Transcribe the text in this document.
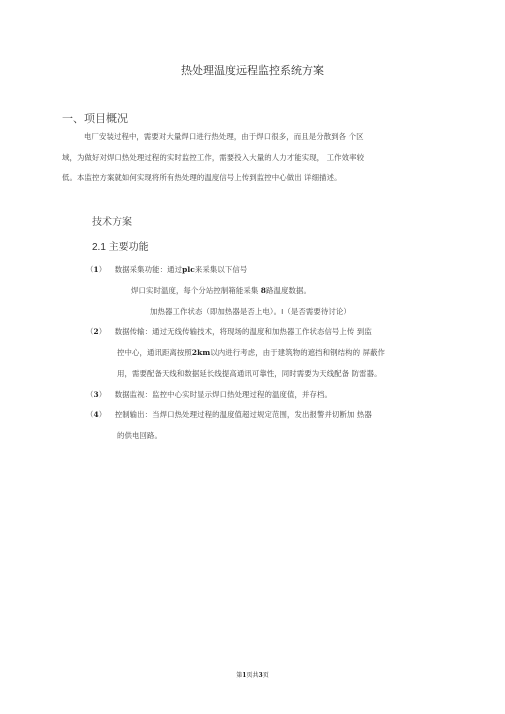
热处理温度远程监控系统方案
一、项目概况
电厂安装过程中，需要对大量焊口进行热处理，由于焊口很多，而且是分散到各 个区
域，为做好对焊口热处理过程的实时监控工作，需要投入大量的人力才能实现， 工作效率较
低。本监控方案就如何实现将所有热处理的温度信号上传到监控中心做出 详细描述。
技术方案
2.1 主要功能
（1） 数据采集功能：通过plc来采集以下信号
焊口实时温度，每个分站控制箱能采集 8路温度数据。
加热器工作状态（即加热器是否上电）。I（是否需要待讨论）
（2） 数据传输：通过无线传输技术，将现场的温度和加热器工作状态信号上传 到监
控中心，通讯距离按照2km以内进行考虑，由于建筑物的遮挡和钢结构的 屏蔽作
用，需要配备天线和数据延长线提高通讯可靠性，同时需要为天线配备 防雷器。
（3） 数据监视：监控中心实时显示焊口热处理过程的温度值，并存档。
（4） 控制输出：当焊口热处理过程的温度值超过规定范围，发出报警并切断加 热器
的供电回路。
第1页共3页
